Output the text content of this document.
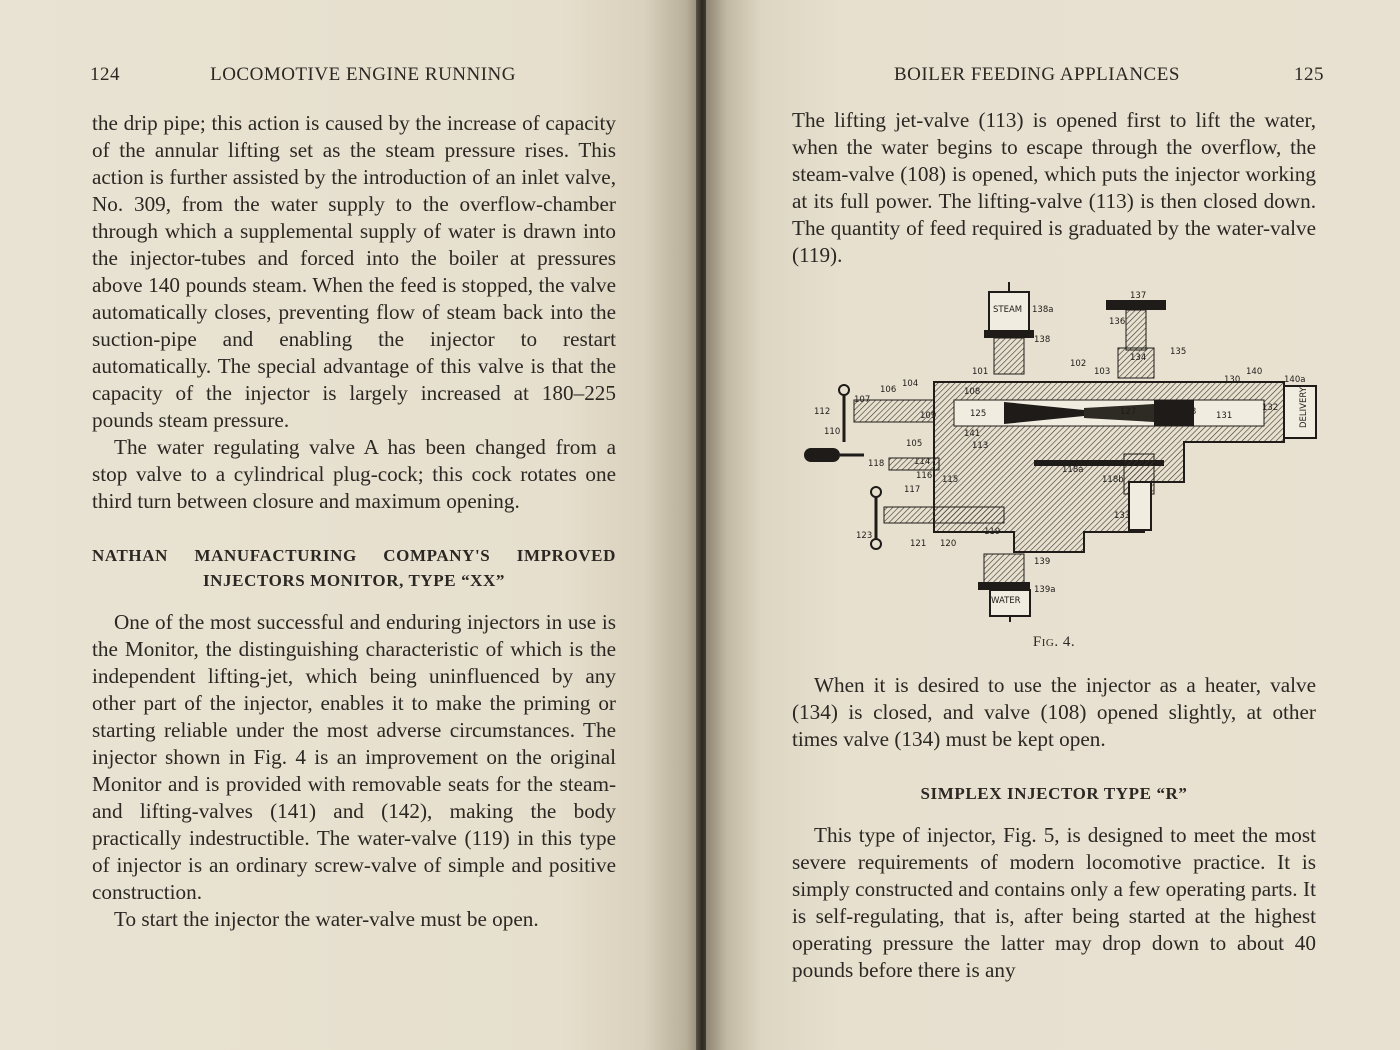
124	LOCOMOTIVE ENGINE RUNNING

the drip pipe; this action is caused by the increase of capacity of the annular lifting set as the steam pressure rises. This action is further assisted by the introduction of an inlet valve, No. 309, from the water supply to the overflow-chamber through which a supplemental supply of water is drawn into the injector-tubes and forced into the boiler at pressures above 140 pounds steam. When the feed is stopped, the valve automatically closes, preventing flow of steam back into the suction-pipe and enabling the injector to restart automatically. The special advantage of this valve is that the capacity of the injector is largely increased at 180–225 pounds steam pressure.

The water regulating valve A has been changed from a stop valve to a cylindrical plug-cock; this cock rotates one third turn between closure and maximum opening.

NATHAN MANUFACTURING COMPANY'S IMPROVED INJECTORS MONITOR, TYPE “XX”

One of the most successful and enduring injectors in use is the Monitor, the distinguishing characteristic of which is the independent lifting-jet, which being uninfluenced by any other part of the injector, enables it to make the priming or starting reliable under the most adverse circumstances. The injector shown in Fig. 4 is an improvement on the original Monitor and is provided with removable seats for the steam- and lifting-valves (141) and (142), making the body practically indestructible. The water-valve (119) in this type of injector is an ordinary screw-valve of simple and positive construction.

To start the injector the water-valve must be open.

BOILER FEEDING APPLIANCES	125

The lifting jet-valve (113) is opened first to lift the water, when the water begins to escape through the overflow, the steam-valve (108) is opened, which puts the injector working at its full power. The lifting-valve (113) is then closed down. The quantity of feed required is graduated by the water-valve (119).

STEAM
WATER
DELIVERY
138a
138
137
136
135
134
101
102
103
104
105
106
107
108
109
110
111
112
113
114
115
116
117
118
118a
118b
119
120
121
123
125	126	127	128
130
131
132
133
139
139a
140
140a
141
Fig. 4.

When it is desired to use the injector as a heater, valve (134) is closed, and valve (108) opened slightly, at other times valve (134) must be kept open.

SIMPLEX INJECTOR TYPE “R”

This type of injector, Fig. 5, is designed to meet the most severe requirements of modern locomotive practice. It is simply constructed and contains only a few operating parts. It is self-regulating, that is, after being started at the highest operating pressure the latter may drop down to about 40 pounds before there is any
